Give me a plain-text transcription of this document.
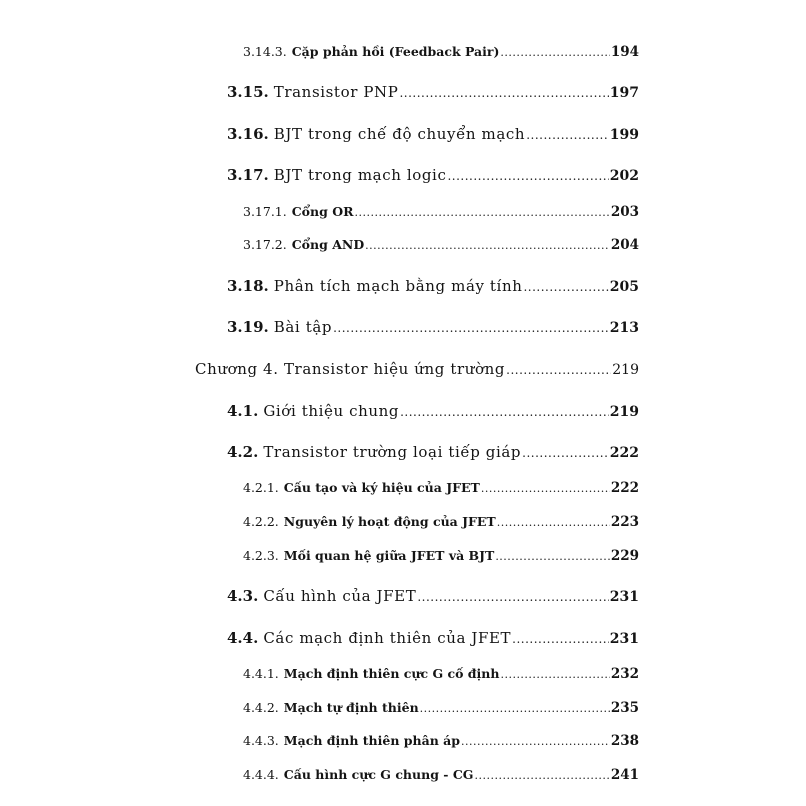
3.14.3. Cặp phản hồi (Feedback Pair) .....	194
3.15. Transistor PNP .....	197
3.16. BJT trong chế độ chuyển mạch .....	199
3.17. BJT trong mạch logic .....	202
3.17.1. Cổng OR .....	203
3.17.2. Cổng AND .....	204
3.18. Phân tích mạch bằng máy tính .....	205
3.19. Bài tập .....	213
Chương 4. Transistor hiệu ứng trường .....	219
4.1. Giới thiệu chung .....	219
4.2. Transistor trường loại tiếp giáp .....	222
4.2.1. Cấu tạo và ký hiệu của JFET .....	222
4.2.2. Nguyên lý hoạt động của JFET .....	223
4.2.3. Mối quan hệ giữa JFET và BJT .....	229
4.3. Cấu hình của JFET .....	231
4.4. Các mạch định thiên của JFET .....	231
4.4.1. Mạch định thiên cực G cố định .....	232
4.4.2. Mạch tự định thiên .....	235
4.4.3. Mạch định thiên phân áp .....	238
4.4.4. Cấu hình cực G chung - CG .....	241
